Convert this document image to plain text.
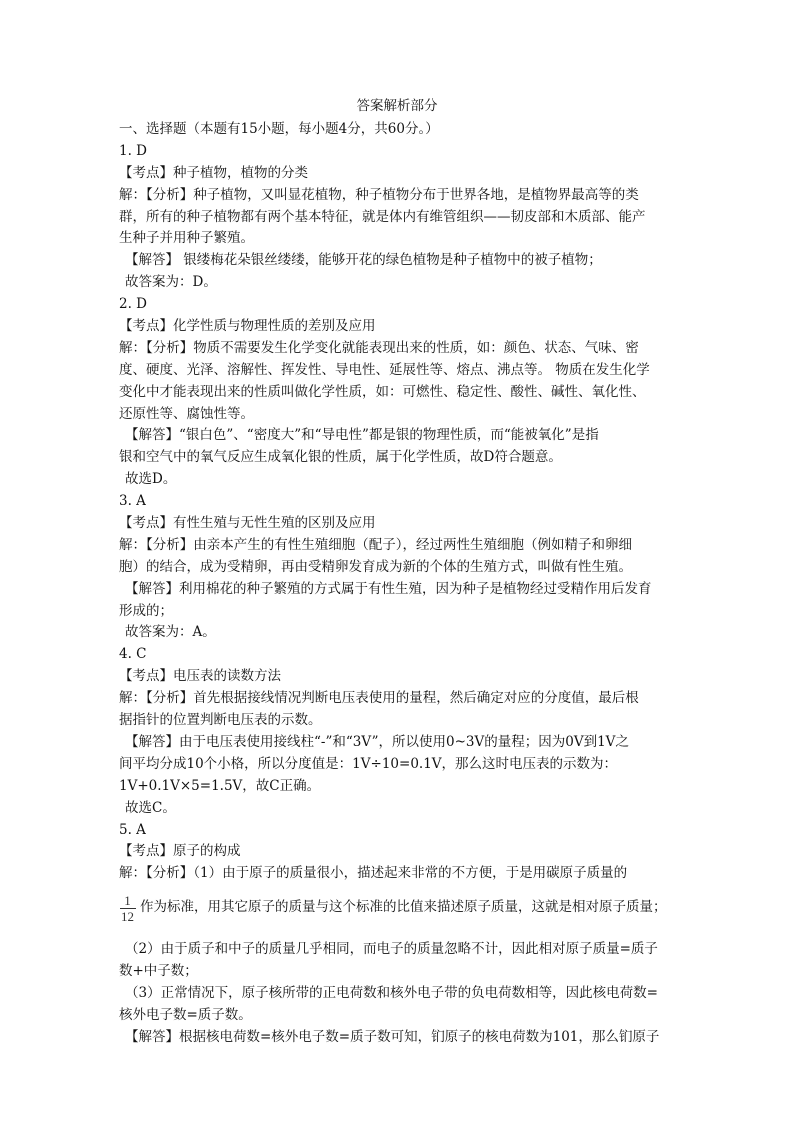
答案解析部分
一、选择题（本题有15小题，每小题4分，共60分。）
1. D
【考点】种子植物，植物的分类
解：【分析】种子植物，又叫显花植物，种子植物分布于世界各地，是植物界最高等的类
群，所有的种子植物都有两个基本特征，就是体内有维管组织——韧皮部和木质部、能产
生种子并用种子繁殖。
【解答】 银缕梅花朵银丝缕缕，能够开花的绿色植物是种子植物中的被子植物；
故答案为：D。
2. D
【考点】化学性质与物理性质的差别及应用
解：【分析】物质不需要发生化学变化就能表现出来的性质，如：颜色、状态、气味、密
度、硬度、光泽、溶解性、挥发性、导电性、延展性等、熔点、沸点等。 物质在发生化学
变化中才能表现出来的性质叫做化学性质，如：可燃性、稳定性、酸性、碱性、氧化性、
还原性等、腐蚀性等。
【解答】“银白色”、“密度大”和“导电性”都是银的物理性质，而“能被氧化”是指
银和空气中的氧气反应生成氧化银的性质，属于化学性质，故D符合题意。
故选D。
3. A
【考点】有性生殖与无性生殖的区别及应用
解：【分析】由亲本产生的有性生殖细胞（配子），经过两性生殖细胞（例如精子和卵细
胞）的结合，成为受精卵，再由受精卵发育成为新的个体的生殖方式，叫做有性生殖。
【解答】利用棉花的种子繁殖的方式属于有性生殖，因为种子是植物经过受精作用后发育
形成的；
故答案为：A。
4. C
【考点】电压表的读数方法
解：【分析】首先根据接线情况判断电压表使用的量程，然后确定对应的分度值，最后根
据指针的位置判断电压表的示数。
【解答】由于电压表使用接线柱“-”和“3V”，所以使用0~3V的量程；因为0V到1V之
间平均分成10个小格，所以分度值是：1V÷10=0.1V，那么这时电压表的示数为：
1V+0.1V×5=1.5V，故C正确。
故选C。
5. A
【考点】原子的构成
解：【分析】（1）由于原子的质量很小，描述起来非常的不方便，于是用碳原子质量的
$\frac{1}{12}$ 作为标准，用其它原子的质量与这个标准的比值来描述原子质量，这就是相对原子质量；
（2）由于质子和中子的质量几乎相同，而电子的质量忽略不计，因此相对原子质量=质子
数+中子数；
（3）正常情况下，原子核所带的正电荷数和核外电子带的负电荷数相等，因此核电荷数=
核外电子数=质子数。
【解答】根据核电荷数=核外电子数=质子数可知，钔原子的核电荷数为101，那么钔原子
